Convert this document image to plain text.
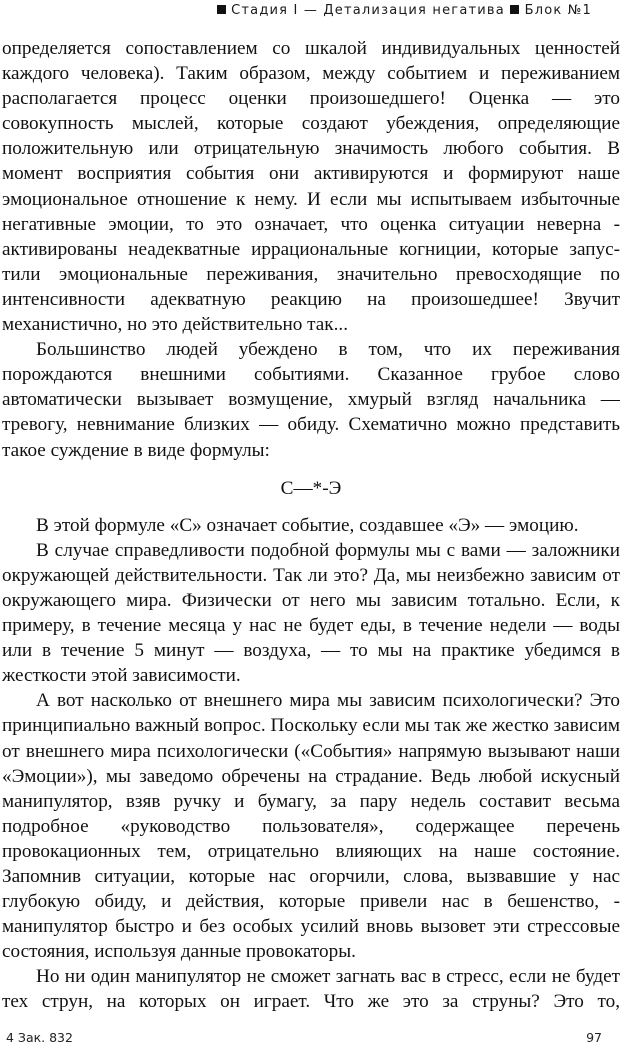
Стадия I — Детализация негатива Блок №1

определяется сопоставлением со шкалой индивидуальных ценностей каждого человека). Таким образом, между событием и переживанием располагается процесс оценки произошедшего! Оценка — это совокупность мыслей, которые создают убеждения, определяющие положительную или отрицательную значимость любого события. В момент восприятия события они активируются и формируют наше эмоциональное отношение к нему. И если мы испытываем избыточные негативные эмоции, то это означает, что оценка ситуации неверна - активированы неадекватные иррациональные когниции, которые запустили эмоциональные переживания, значительно превосходящие по интенсивности адекватную реакцию на произошедшее! Звучит механистично, но это действительно так...

Большинство людей убеждено в том, что их переживания порождаются внешними событиями. Сказанное грубое слово автоматически вызывает возмущение, хмурый взгляд начальника — тревогу, невнимание близких — обиду. Схематично можно представить такое суждение в виде формулы:

С—*-Э

В этой формуле «С» означает событие, создавшее «Э» — эмоцию.

В случае справедливости подобной формулы мы с вами — заложники окружающей действительности. Так ли это? Да, мы неизбежно зависим от окружающего мира. Физически от него мы зависим тотально. Если, к примеру, в течение месяца у нас не будет еды, в течение недели — воды или в течение 5 минут — воздуха, — то мы на практике убедимся в жесткости этой зависимости.

А вот насколько от внешнего мира мы зависим психологически? Это принципиально важный вопрос. Поскольку если мы так же жестко зависим от внешнего мира психологически («События» напрямую вызывают наши «Эмоции»), мы заведомо обречены на страдание. Ведь любой искусный манипулятор, взяв ручку и бумагу, за пару недель составит весьма подробное «руководство пользователя», содержащее перечень провокационных тем, отрицательно влияющих на наше состояние. Запомнив ситуации, которые нас огорчили, слова, вызвавшие у нас глубокую обиду, и действия, которые привели нас в бешенство, - манипулятор быстро и без особых усилий вновь вызовет эти стрессовые состояния, используя данные провокаторы.

Но ни один манипулятор не сможет загнать вас в стресс, если не будет тех струн, на которых он играет. Что же это за струны? Это то,

4 Зак. 832	97
